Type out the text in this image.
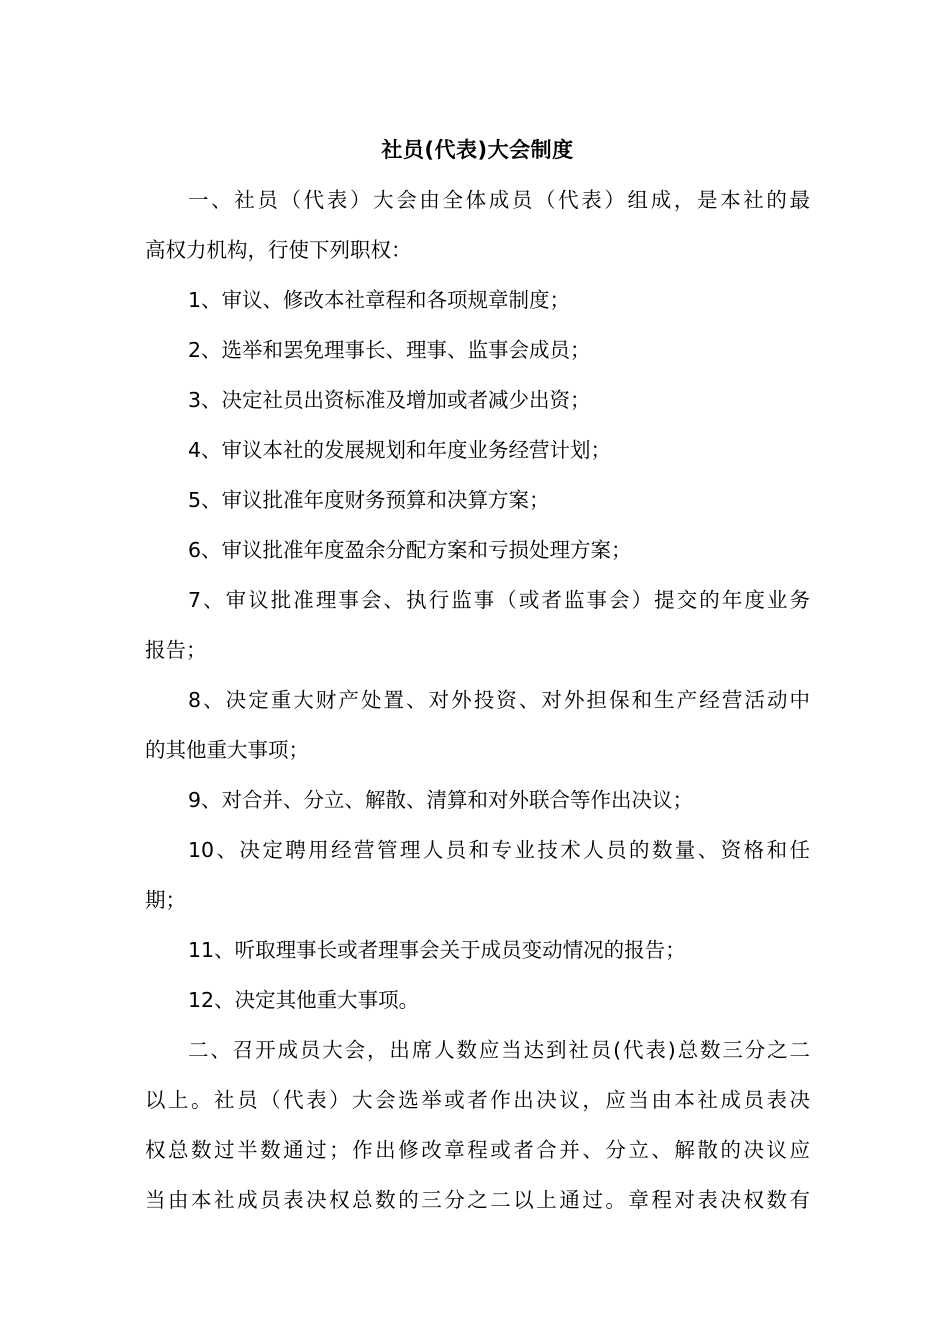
社员(代表)大会制度
一、社员（代表）大会由全体成员（代表）组成，是本社的最
高权力机构，行使下列职权：
1、审议、修改本社章程和各项规章制度；
2、选举和罢免理事长、理事、监事会成员；
3、决定社员出资标准及增加或者减少出资；
4、审议本社的发展规划和年度业务经营计划；
5、审议批准年度财务预算和决算方案；
6、审议批准年度盈余分配方案和亏损处理方案；
7、审议批准理事会、执行监事（或者监事会）提交的年度业务
报告；
8、决定重大财产处置、对外投资、对外担保和生产经营活动中
的其他重大事项；
9、对合并、分立、解散、清算和对外联合等作出决议；
10、决定聘用经营管理人员和专业技术人员的数量、资格和任
期；
11、听取理事长或者理事会关于成员变动情况的报告；
12、决定其他重大事项。
二、召开成员大会，出席人数应当达到社员(代表)总数三分之二
以上。社员（代表）大会选举或者作出决议，应当由本社成员表决
权总数过半数通过；作出修改章程或者合并、分立、解散的决议应
当由本社成员表决权总数的三分之二以上通过。章程对表决权数有
